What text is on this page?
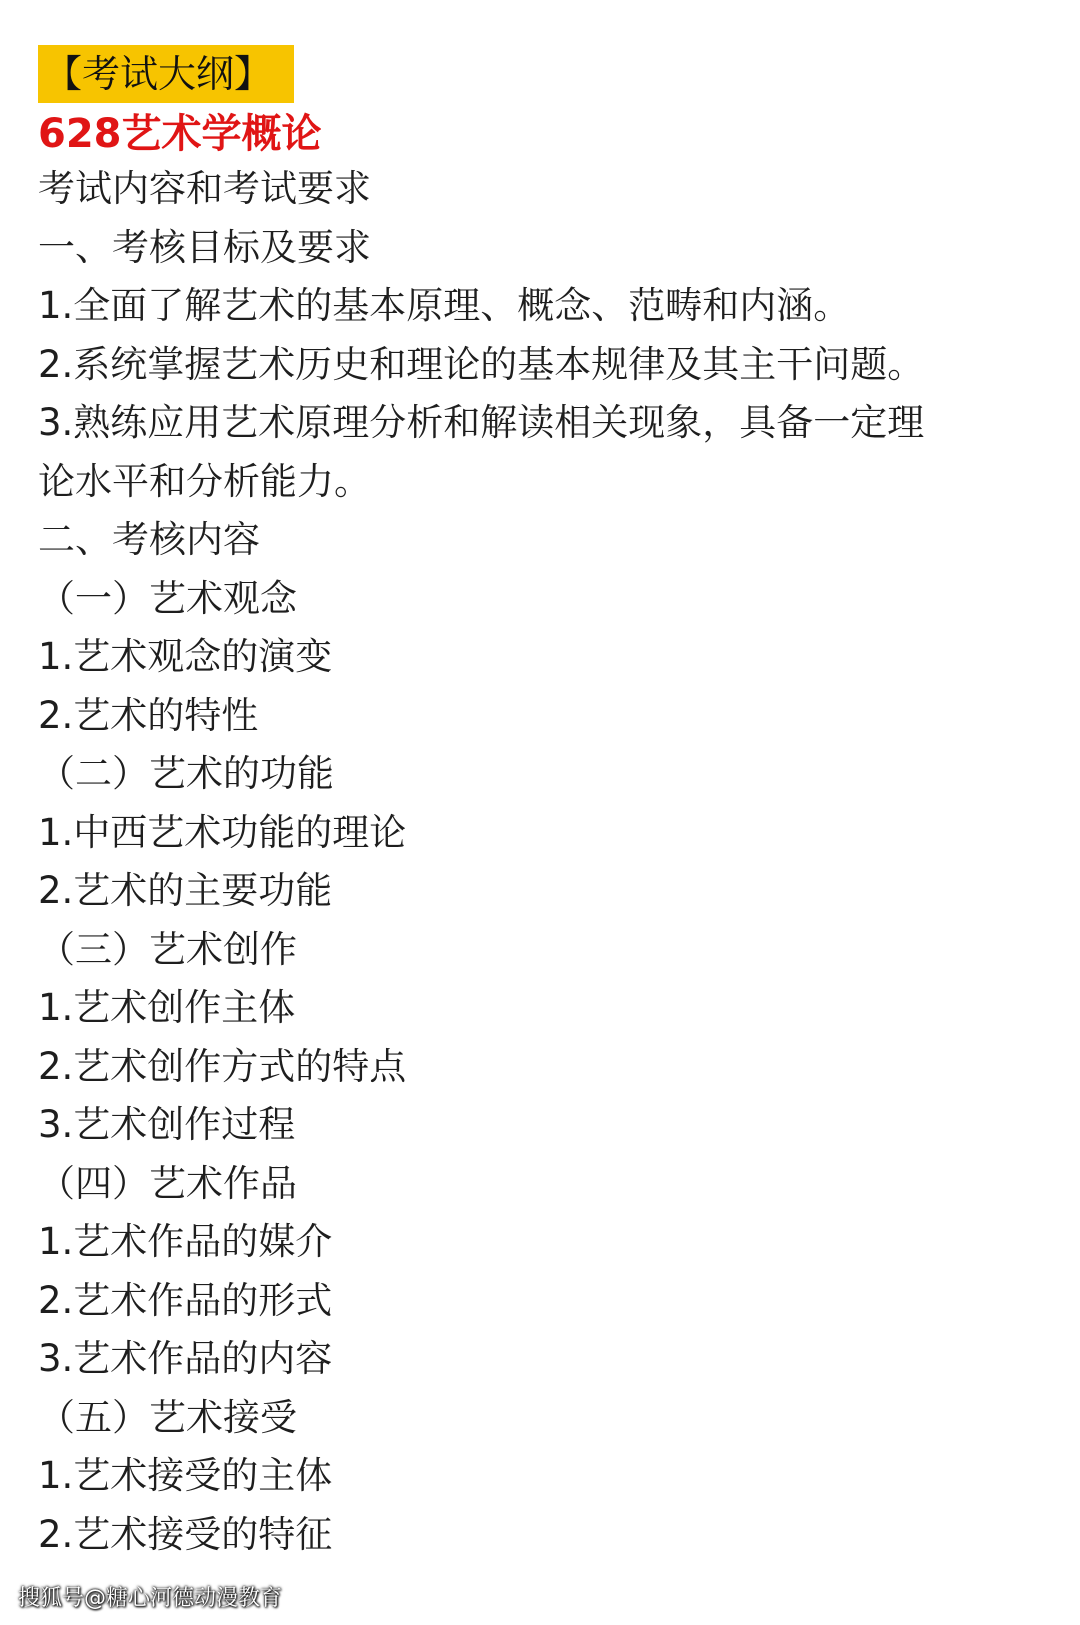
【考试大纲】
628艺术学概论
考试内容和考试要求
一、考核目标及要求
1.全面了解艺术的基本原理、概念、范畴和内涵。
2.系统掌握艺术历史和理论的基本规律及其主干问题。
3.熟练应用艺术原理分析和解读相关现象，具备一定理
论水平和分析能力。
二、考核内容
（一）艺术观念
1.艺术观念的演变
2.艺术的特性
（二）艺术的功能
1.中西艺术功能的理论
2.艺术的主要功能
（三）艺术创作
1.艺术创作主体
2.艺术创作方式的特点
3.艺术创作过程
（四）艺术作品
1.艺术作品的媒介
2.艺术作品的形式
3.艺术作品的内容
（五）艺术接受
1.艺术接受的主体
2.艺术接受的特征
搜狐号@糖心河德动漫教育
